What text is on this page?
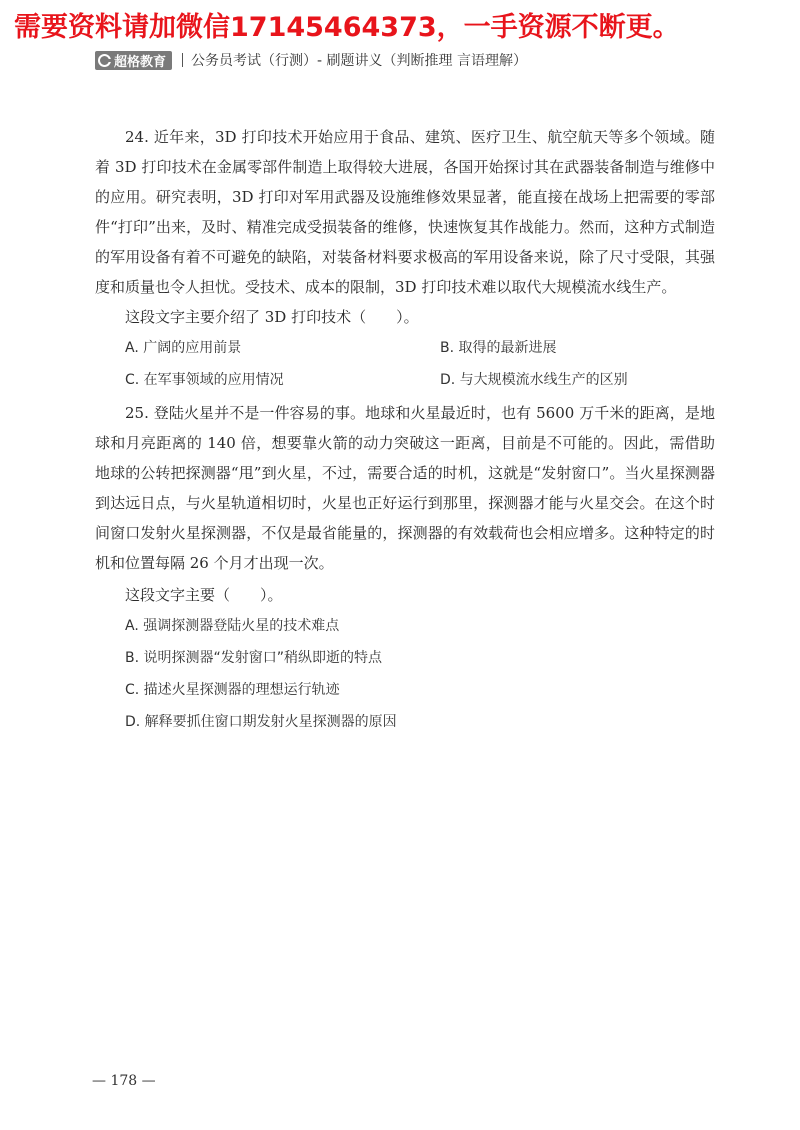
需要资料请加微信17145464373，一手资源不断更。
超格教育 公务员考试（行测）- 刷题讲义（判断推理 言语理解）

24. 近年来，3D 打印技术开始应用于食品、建筑、医疗卫生、航空航天等多个领域。随着 3D 打印技术在金属零部件制造上取得较大进展，各国开始探讨其在武器装备制造与维修中的应用。研究表明，3D 打印对军用武器及设施维修效果显著，能直接在战场上把需要的零部件“打印”出来，及时、精准完成受损装备的维修，快速恢复其作战能力。然而，这种方式制造的军用设备有着不可避免的缺陷，对装备材料要求极高的军用设备来说，除了尺寸受限，其强度和质量也令人担忧。受技术、成本的限制，3D 打印技术难以取代大规模流水线生产。

这段文字主要介绍了 3D 打印技术（　　）。

A. 广阔的应用前景	B. 取得的最新进展
C. 在军事领域的应用情况	D. 与大规模流水线生产的区别

25. 登陆火星并不是一件容易的事。地球和火星最近时，也有 5600 万千米的距离，是地球和月亮距离的 140 倍，想要靠火箭的动力突破这一距离，目前是不可能的。因此，需借助地球的公转把探测器“甩”到火星，不过，需要合适的时机，这就是“发射窗口”。当火星探测器到达远日点，与火星轨道相切时，火星也正好运行到那里，探测器才能与火星交会。在这个时间窗口发射火星探测器，不仅是最省能量的，探测器的有效载荷也会相应增多。这种特定的时机和位置每隔 26 个月才出现一次。

这段文字主要（　　）。

A. 强调探测器登陆火星的技术难点
B. 说明探测器“发射窗口”稍纵即逝的特点
C. 描述火星探测器的理想运行轨迹
D. 解释要抓住窗口期发射火星探测器的原因
— 178 —
